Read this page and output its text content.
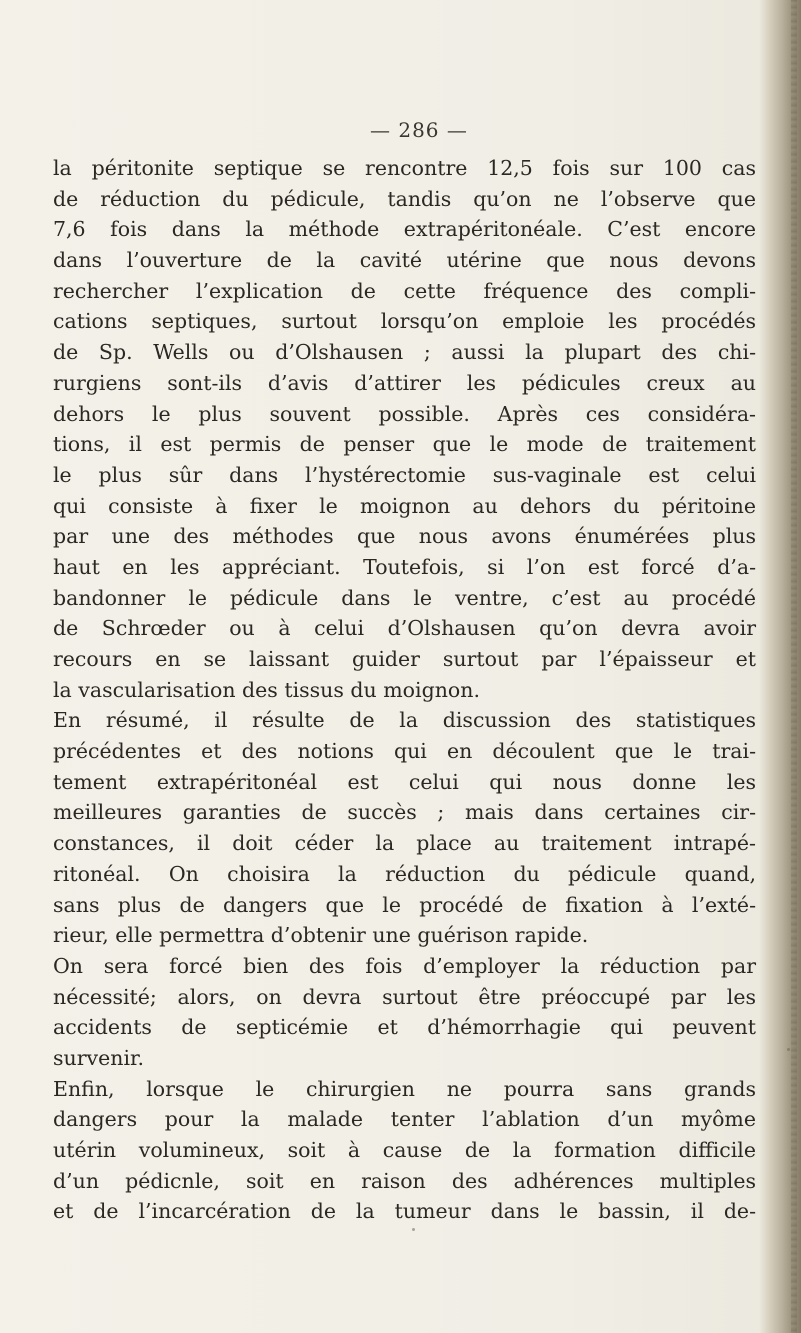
— 286 —
la péritonite septique se rencontre 12,5 fois sur 100 cas
de réduction du pédicule, tandis qu’on ne l’observe que
7,6 fois dans la méthode extrapéritonéale. C’est encore
dans l’ouverture de la cavité utérine que nous devons
rechercher l’explication de cette fréquence des compli-
cations septiques, surtout lorsqu’on emploie les procédés
de Sp. Wells ou d’Olshausen ; aussi la plupart des chi-
rurgiens sont-ils d’avis d’attirer les pédicules creux au
dehors le plus souvent possible. Après ces considéra-
tions, il est permis de penser que le mode de traitement
le plus sûr dans l’hystérectomie sus-vaginale est celui
qui consiste à fixer le moignon au dehors du péritoine
par une des méthodes que nous avons énumérées plus
haut en les appréciant. Toutefois, si l’on est forcé d’a-
bandonner le pédicule dans le ventre, c’est au procédé
de Schrœder ou à celui d’Olshausen qu’on devra avoir
recours en se laissant guider surtout par l’épaisseur et
la vascularisation des tissus du moignon.
En résumé, il résulte de la discussion des statistiques
précédentes et des notions qui en découlent que le trai-
tement extrapéritonéal est celui qui nous donne les
meilleures garanties de succès ; mais dans certaines cir-
constances, il doit céder la place au traitement intrapé-
ritonéal. On choisira la réduction du pédicule quand,
sans plus de dangers que le procédé de fixation à l’exté-
rieur, elle permettra d’obtenir une guérison rapide.
On sera forcé bien des fois d’employer la réduction par
nécessité; alors, on devra surtout être préoccupé par les
accidents de septicémie et d’hémorrhagie qui peuvent
survenir.
Enfin, lorsque le chirurgien ne pourra sans grands
dangers pour la malade tenter l’ablation d’un myôme
utérin volumineux, soit à cause de la formation difficile
d’un pédicnle, soit en raison des adhérences multiples
et de l’incarcération de la tumeur dans le bassin, il de-
